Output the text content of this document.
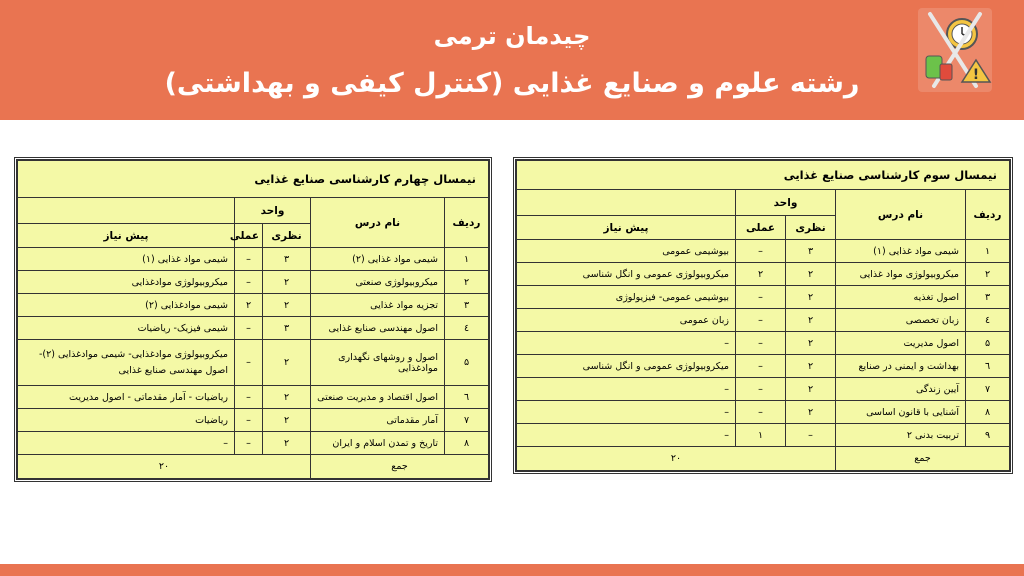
چیدمان ترمی
رشته علوم و صنایع غذایی (کنترل کیفی و بهداشتی)	!
نیمسال سوم کارشناسی صنایع غذایی				
ردیف	نام درس	واحد		
		نظری	عملی	پیش نیاز
۱	شیمی مواد غذایی (۱)	۳	–	بیوشیمی عمومی
۲	میکروبیولوژی مواد غذایی	۲	۲	میکروبیولوژی عمومی و انگل شناسی
۳	اصول تغذیه	۲	–	بیوشیمی عمومی- فیزیولوژی
٤	زبان تخصصی	۲	–	زبان عمومی
۵	اصول مدیریت	۲	–	–
٦	بهداشت و ایمنی در صنایع	۲	–	میکروبیولوژی عمومی و انگل شناسی
۷	آیین زندگی	۲	–	–
۸	آشنایی با قانون اساسی	۲	–	–
۹	تربیت بدنی ۲	–	۱	–
جمع		۲۰		
نیمسال چهارم کارشناسی صنایع غذایی				
ردیف	نام درس	واحد		
		نظری	عملی	پیش نیاز
۱	شیمی مواد غذایی (۲)	۳	–	شیمی مواد غذایی (۱)
۲	میکروبیولوژی صنعتی	۲	–	میکروبیولوژی موادغذایی
۳	تجزیه مواد غذایی	۲	۲	شیمی موادغذایی (۲)
٤	اصول مهندسی صنایع غذایی	۳	–	شیمی فیزیک- ریاضیات
۵	اصول و روشهای نگهداری موادغذایی	۲	–	میکروبیولوژی موادغذایی- شیمی موادغذایی (۲)- اصول مهندسی صنایع غذایی
٦	اصول اقتصاد و مدیریت صنعتی	۲	–	ریاضیات - آمار مقدماتی - اصول مدیریت
۷	آمار مقدماتی	۲	–	ریاضیات
۸	تاریخ و تمدن اسلام و ایران	۲	–	–
جمع		۲۰		
